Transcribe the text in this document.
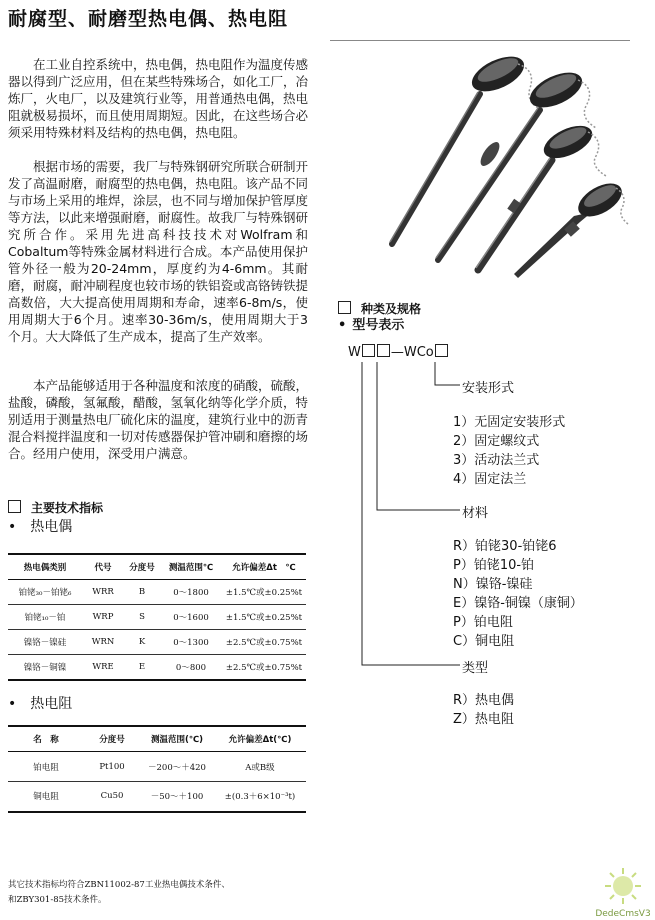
耐腐型、耐磨型热电偶、热电阻

在工业自控系统中，热电偶，热电阻作为温度传感器以得到广泛应用，但在某些特殊场合，如化工厂，冶炼厂，火电厂，以及建筑行业等，用普通热电偶，热电阻就极易损坏，而且使用周期短。因此，在这些场合必须采用特殊材料及结构的热电偶，热电阻。

根据市场的需要，我厂与特殊钢研究所联合研制开发了高温耐磨，耐腐型的热电偶，热电阻。该产品不同与市场上采用的堆焊，涂层，也不同与增加保护管厚度等方法，以此来增强耐磨，耐腐性。故我厂与特殊钢研究所合作。采用先进高科技技术对Wolfram和Cobaltum等特殊金属材料进行合成。本产品使用保护管外径一般为20-24mm，厚度约为4-6mm。其耐磨，耐腐，耐冲刷程度也较市场的铁铝瓷或高铬铸铁提高数倍，大大提高使用周期和寿命，速率6-8m/s，使用周期大于6个月。速率30-36m/s，使用周期大于3个月。大大降低了生产成本，提高了生产效率。

本产品能够适用于各种温度和浓度的硝酸，硫酸，盐酸，磷酸，氢氟酸，醋酸，氢氧化纳等化学介质，特别适用于测量热电厂硫化床的温度，建筑行业中的沥青混合料搅拌温度和一切对传感器保护管冲刷和磨擦的场合。经用户使用，深受用户满意。

主要技术指标
• 热电偶
热电偶类别	代号	分度号	测温范围℃	允许偏差Δt　℃
铂铑₃₀－铂铑₆	WRR	B	0～1800	±1.5℃或±0.25%t
铂铑₁₀－铂	WRP	S	0～1600	±1.5℃或±0.25%t
镍铬－镍硅	WRN	K	0～1300	±2.5℃或±0.75%t
镍铬－铜镍	WRE	E	0～800	±2.5℃或±0.75%t
• 热电阻
名　称	分度号	测温范围(℃)	允许偏差Δt(℃)
铂电阻	Pt100	－200～＋420	A或B级
铜电阻	Cu50	－50～＋100	±(0.3＋6×10⁻³t)
种类及规格
• 型号表示
W —WCo
安装形式
1）无固定安装形式
2）固定螺纹式
3）活动法兰式
4）固定法兰
材料
R）铂铑30-铂铑6
P）铂铑10-铂
N）镍铬-镍硅
E）镍铬-铜镍（康铜）
P）铂电阻
C）铜电阻
类型
R）热电偶
Z）热电阻
其它技术指标均符合ZBN11002-87工业热电偶技术条件、
和ZBY301-85技术条件。
DedeCmsV3
